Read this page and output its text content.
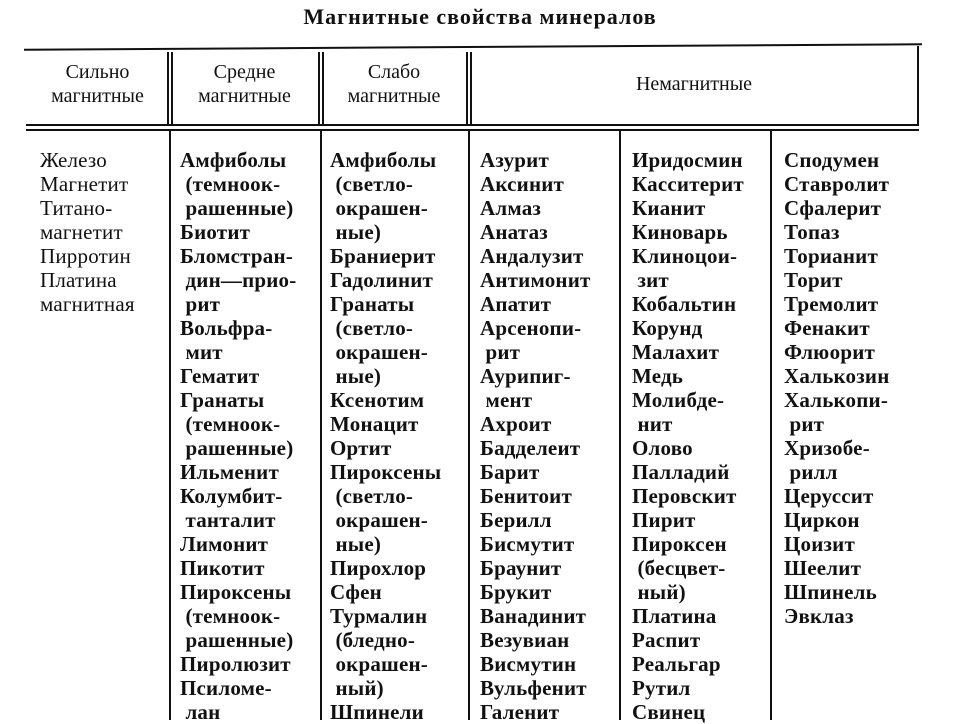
Магнитные свойства минералов
Сильно
магнитные
Средне
магнитные
Слабо
магнитные
Немагнитные
Железо
Магнетит
Титано-
магнетит
Пирротин
Платина
магнитная
Амфиболы
(темноок-
рашенные)
Биотит
Бломстран-
дин—прио-
рит
Вольфра-
мит
Гематит
Гранаты
(темноок-
рашенные)
Ильменит
Колумбит-
танталит
Лимонит
Пикотит
Пироксены
(темноок-
рашенные)
Пиролюзит
Псиломе-
лан
Амфиболы
(светло-
окрашен-
ные)
Браниерит
Гадолинит
Гранаты
(светло-
окрашен-
ные)
Ксенотим
Монацит
Ортит
Пироксены
(светло-
окрашен-
ные)
Пирохлор
Сфен
Турмалин
(бледно-
окрашен-
ный)
Шпинели
Азурит
Аксинит
Алмаз
Анатаз
Андалузит
Антимонит
Апатит
Арсенопи-
рит
Аурипиг-
мент
Ахроит
Бадделеит
Барит
Бенитоит
Берилл
Бисмутит
Браунит
Брукит
Ванадинит
Везувиан
Висмутин
Вульфенит
Галенит
Иридосмин
Касситерит
Кианит
Киноварь
Клиноцои-
зит
Кобальтин
Корунд
Малахит
Медь
Молибде-
нит
Олово
Палладий
Перовскит
Пирит
Пироксен
(бесцвет-
ный)
Платина
Распит
Реальгар
Рутил
Свинец
Сподумен
Ставролит
Сфалерит
Топаз
Торианит
Торит
Тремолит
Фенакит
Флюорит
Халькозин
Халькопи-
рит
Хризобе-
рилл
Церуссит
Циркон
Цоизит
Шеелит
Шпинель
Эвклаз
